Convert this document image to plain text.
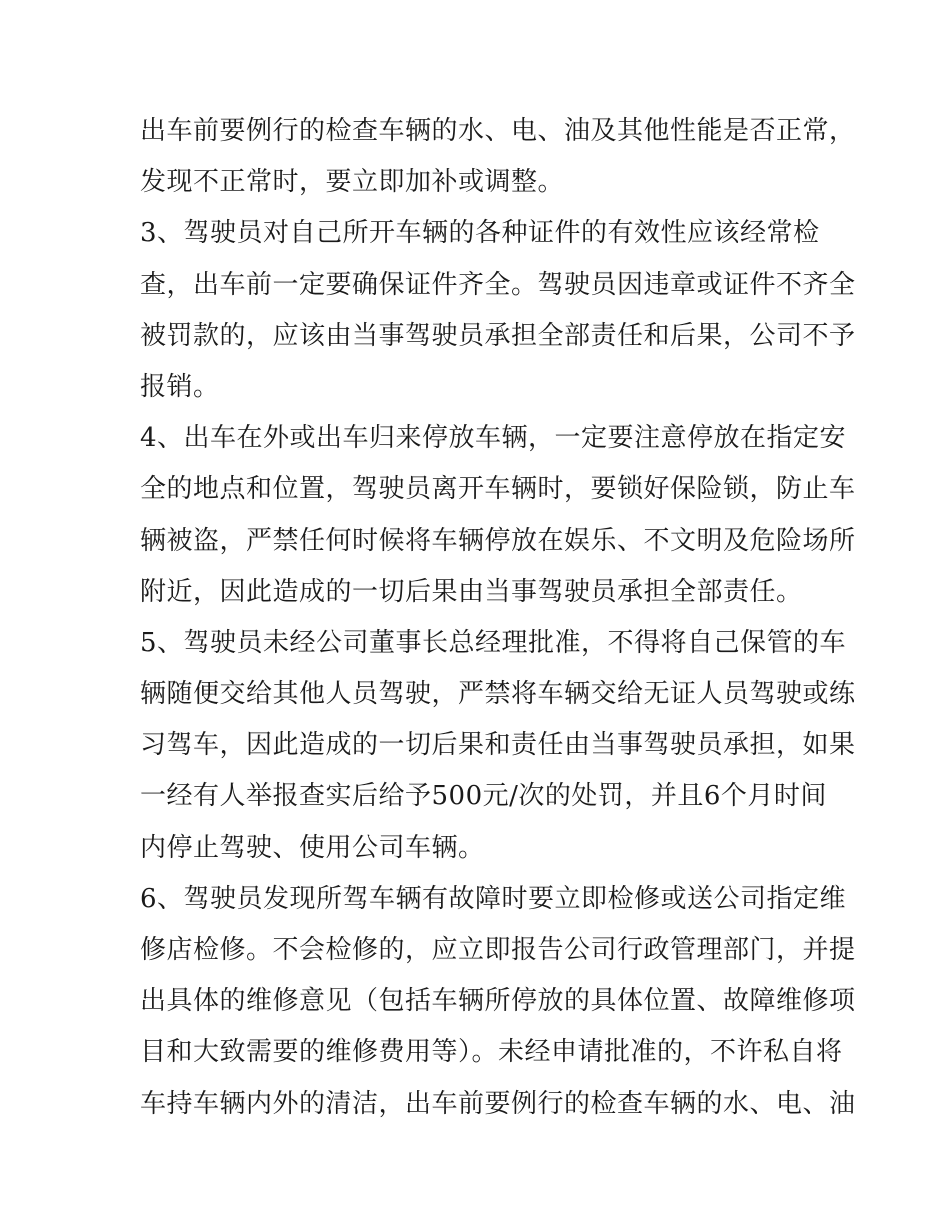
出车前要例行的检查车辆的水、电、油及其他性能是否正常，
发现不正常时，要立即加补或调整。
3、驾驶员对自己所开车辆的各种证件的有效性应该经常检
查，出车前一定要确保证件齐全。驾驶员因违章或证件不齐全
被罚款的，应该由当事驾驶员承担全部责任和后果，公司不予
报销。
4、出车在外或出车归来停放车辆，一定要注意停放在指定安
全的地点和位置，驾驶员离开车辆时，要锁好保险锁，防止车
辆被盗，严禁任何时候将车辆停放在娱乐、不文明及危险场所
附近，因此造成的一切后果由当事驾驶员承担全部责任。
5、驾驶员未经公司董事长总经理批准，不得将自己保管的车
辆随便交给其他人员驾驶，严禁将车辆交给无证人员驾驶或练
习驾车，因此造成的一切后果和责任由当事驾驶员承担，如果
一经有人举报查实后给予500元/次的处罚，并且6个月时间
内停止驾驶、使用公司车辆。
6、驾驶员发现所驾车辆有故障时要立即检修或送公司指定维
修店检修。不会检修的，应立即报告公司行政管理部门，并提
出具体的维修意见（包括车辆所停放的具体位置、故障维修项
目和大致需要的维修费用等）。未经申请批准的，不许私自将
车持车辆内外的清洁，出车前要例行的检查车辆的水、电、油
